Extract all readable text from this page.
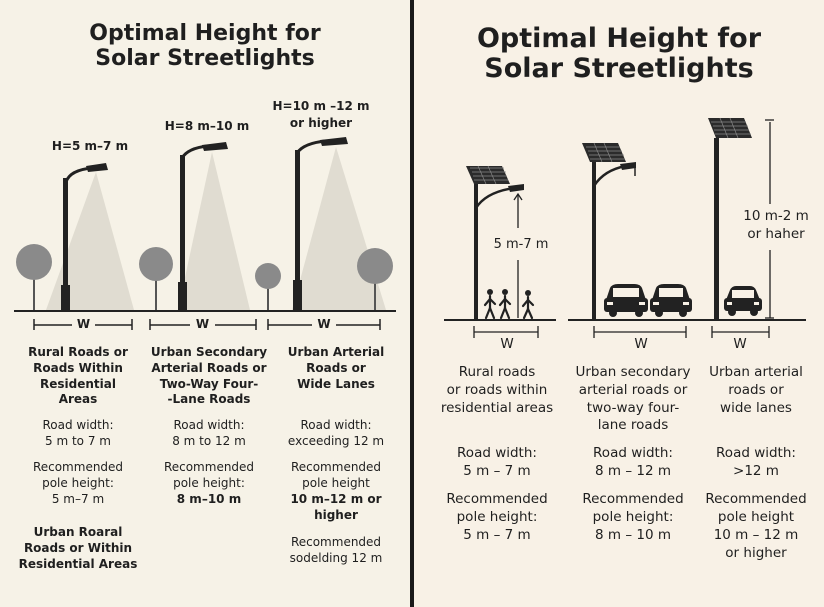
Optimal Height for
Solar Streetlights
H=5 m–7 m
H=8 m–10 m
H=10 m –12 m
or higher
W	W	W
Rural Roads or
Roads Within
Residential
Areas
Road width:
5 m to 7 m
Recommended
pole height:
5 m–7 m
Urban Roaral
Roads or Within
Residential Areas
Urban Secondary
Arterial Roads or
Two-Way Four-
-Lane Roads
Road width:
8 m to 12 m
Recommended
pole height:
8 m–10 m
Urban Arterial
Roads or
Wide Lanes
Road width:
exceeding 12 m
Recommended
pole height
10 m–12 m or
higher
Recommended
sodelding 12 m
Optimal Height for
Solar Streetlights
5 m-7 m
10 m-2 m
or haher
W	W	W
Rural roads
or roads within
residential areas
Road width:
5 m – 7 m
Recommended
pole height:
5 m – 7 m
Urban secondary
arterial roads or
two-way four-
lane roads
Road width:
8 m – 12 m
Recommended
pole height:
8 m – 10 m
Urban arterial
roads or
wide lanes
Road width:
>12 m
Recommended
pole height
10 m – 12 m
or higher
